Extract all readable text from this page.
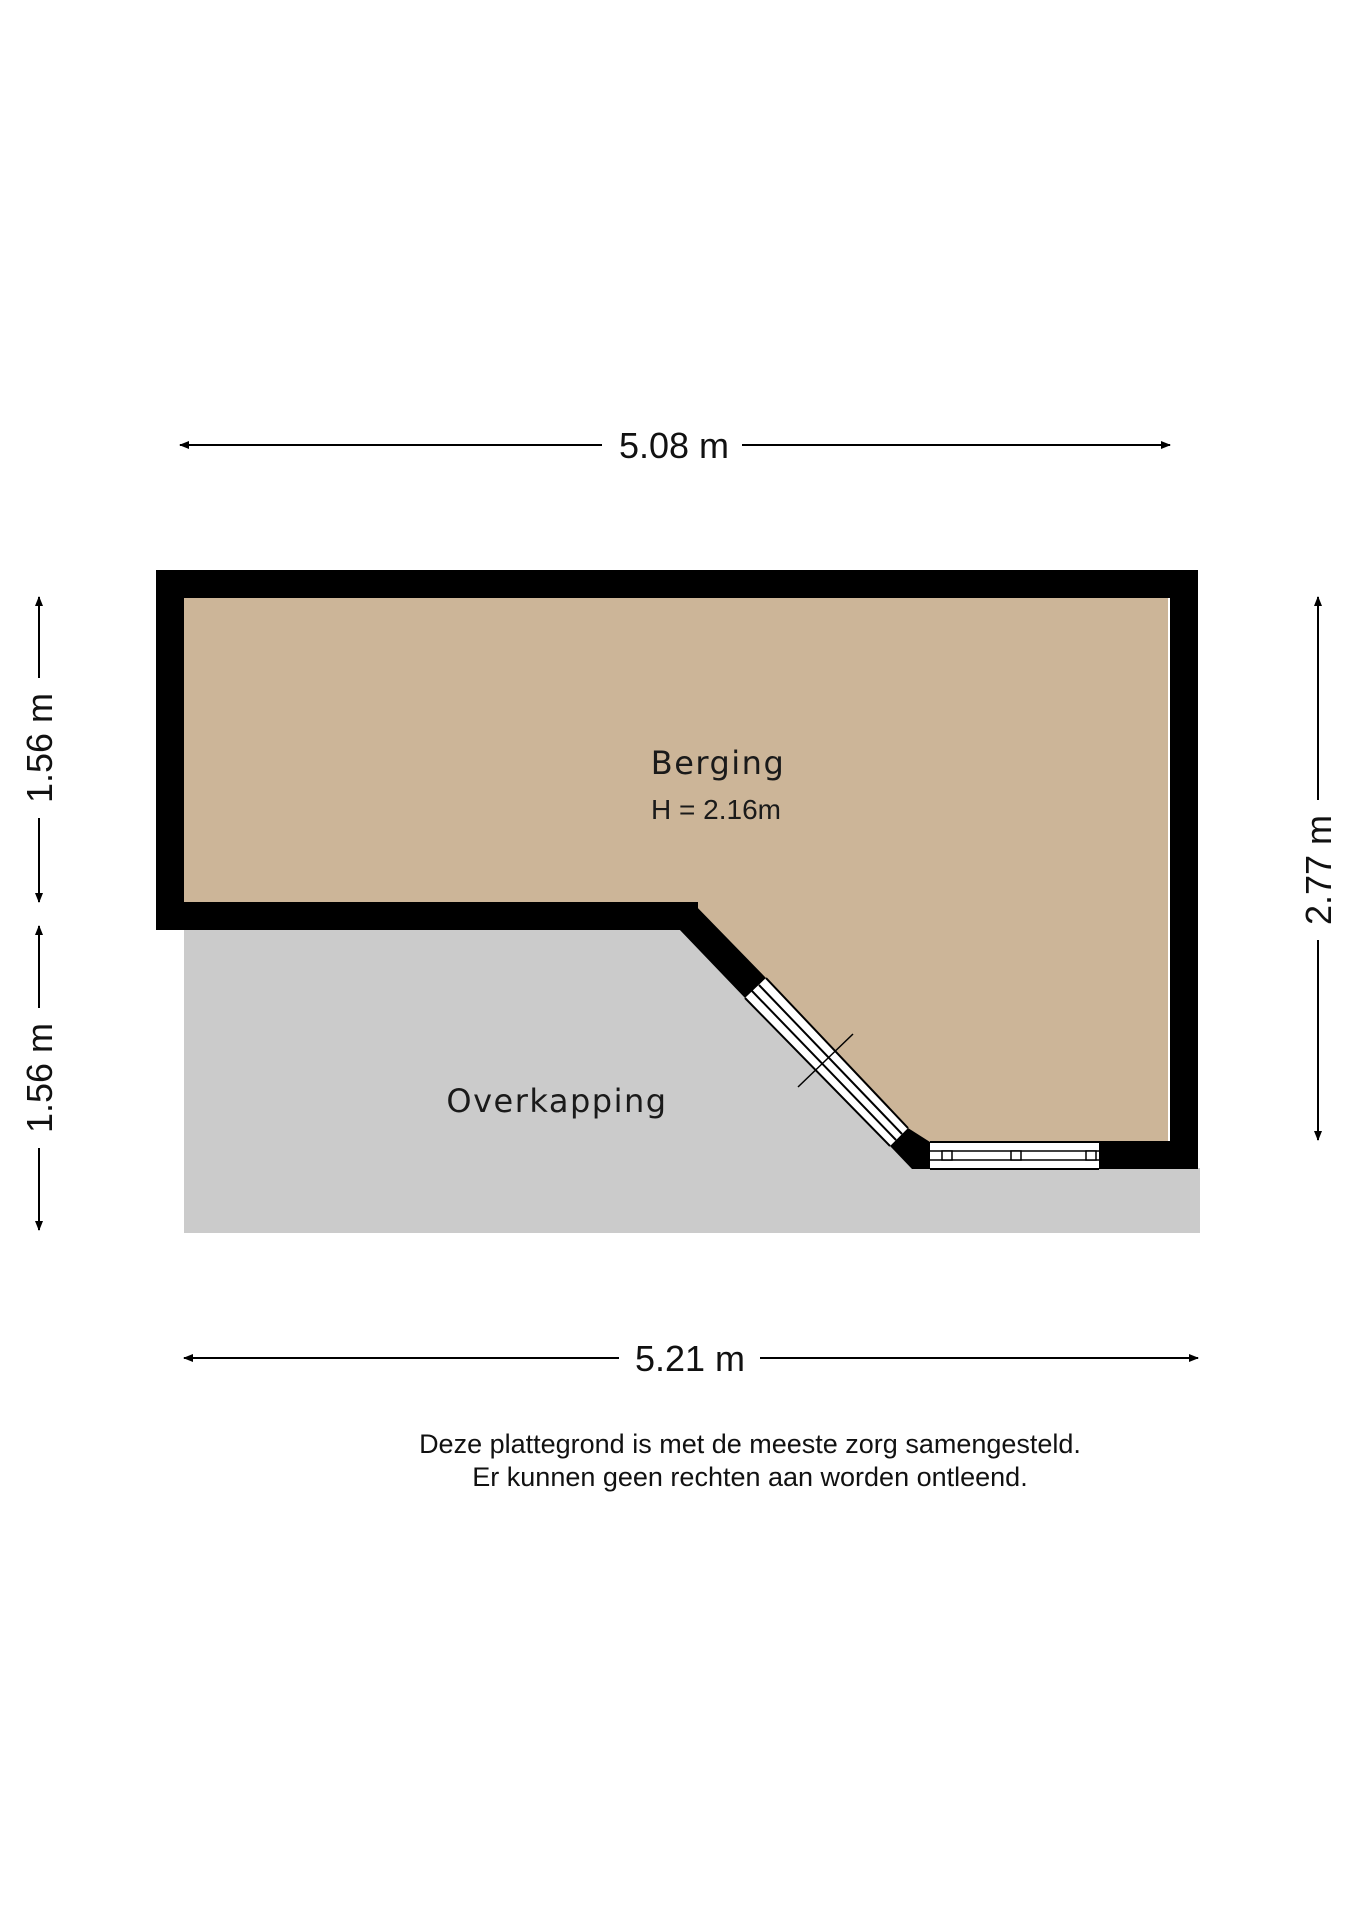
5.08 m
5.21 m
1.56 m
1.56 m
2.77 m
Berging
H = 2.16m
Overkapping
Deze plattegrond is met de meeste zorg samengesteld.
Er kunnen geen rechten aan worden ontleend.
